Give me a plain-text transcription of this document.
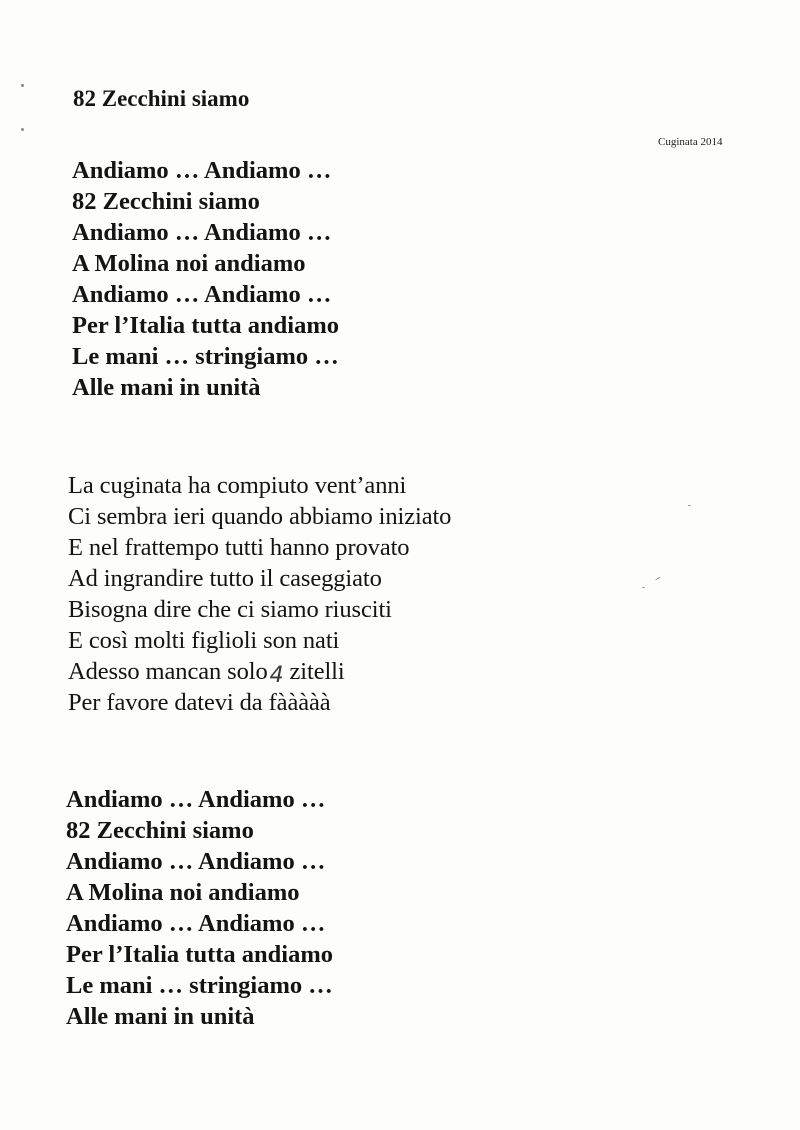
82 Zecchini siamo
Cuginata 2014
Andiamo … Andiamo …
82 Zecchini siamo
Andiamo … Andiamo …
A Molina noi andiamo
Andiamo … Andiamo …
Per l’Italia tutta andiamo
Le mani … stringiamo …
Alle mani in unità
La cuginata ha compiuto vent’anni
Ci sembra ieri quando abbiamo iniziato
E nel frattempo tutti hanno provato
Ad ingrandire tutto il caseggiato
Bisogna dire che ci siamo riusciti
E così molti figlioli son nati
Adesso mancan solo4 zitelli
Per favore datevi da fààààà
Andiamo … Andiamo …
82 Zecchini siamo
Andiamo … Andiamo …
A Molina noi andiamo
Andiamo … Andiamo …
Per l’Italia tutta andiamo
Le mani … stringiamo …
Alle mani in unità
